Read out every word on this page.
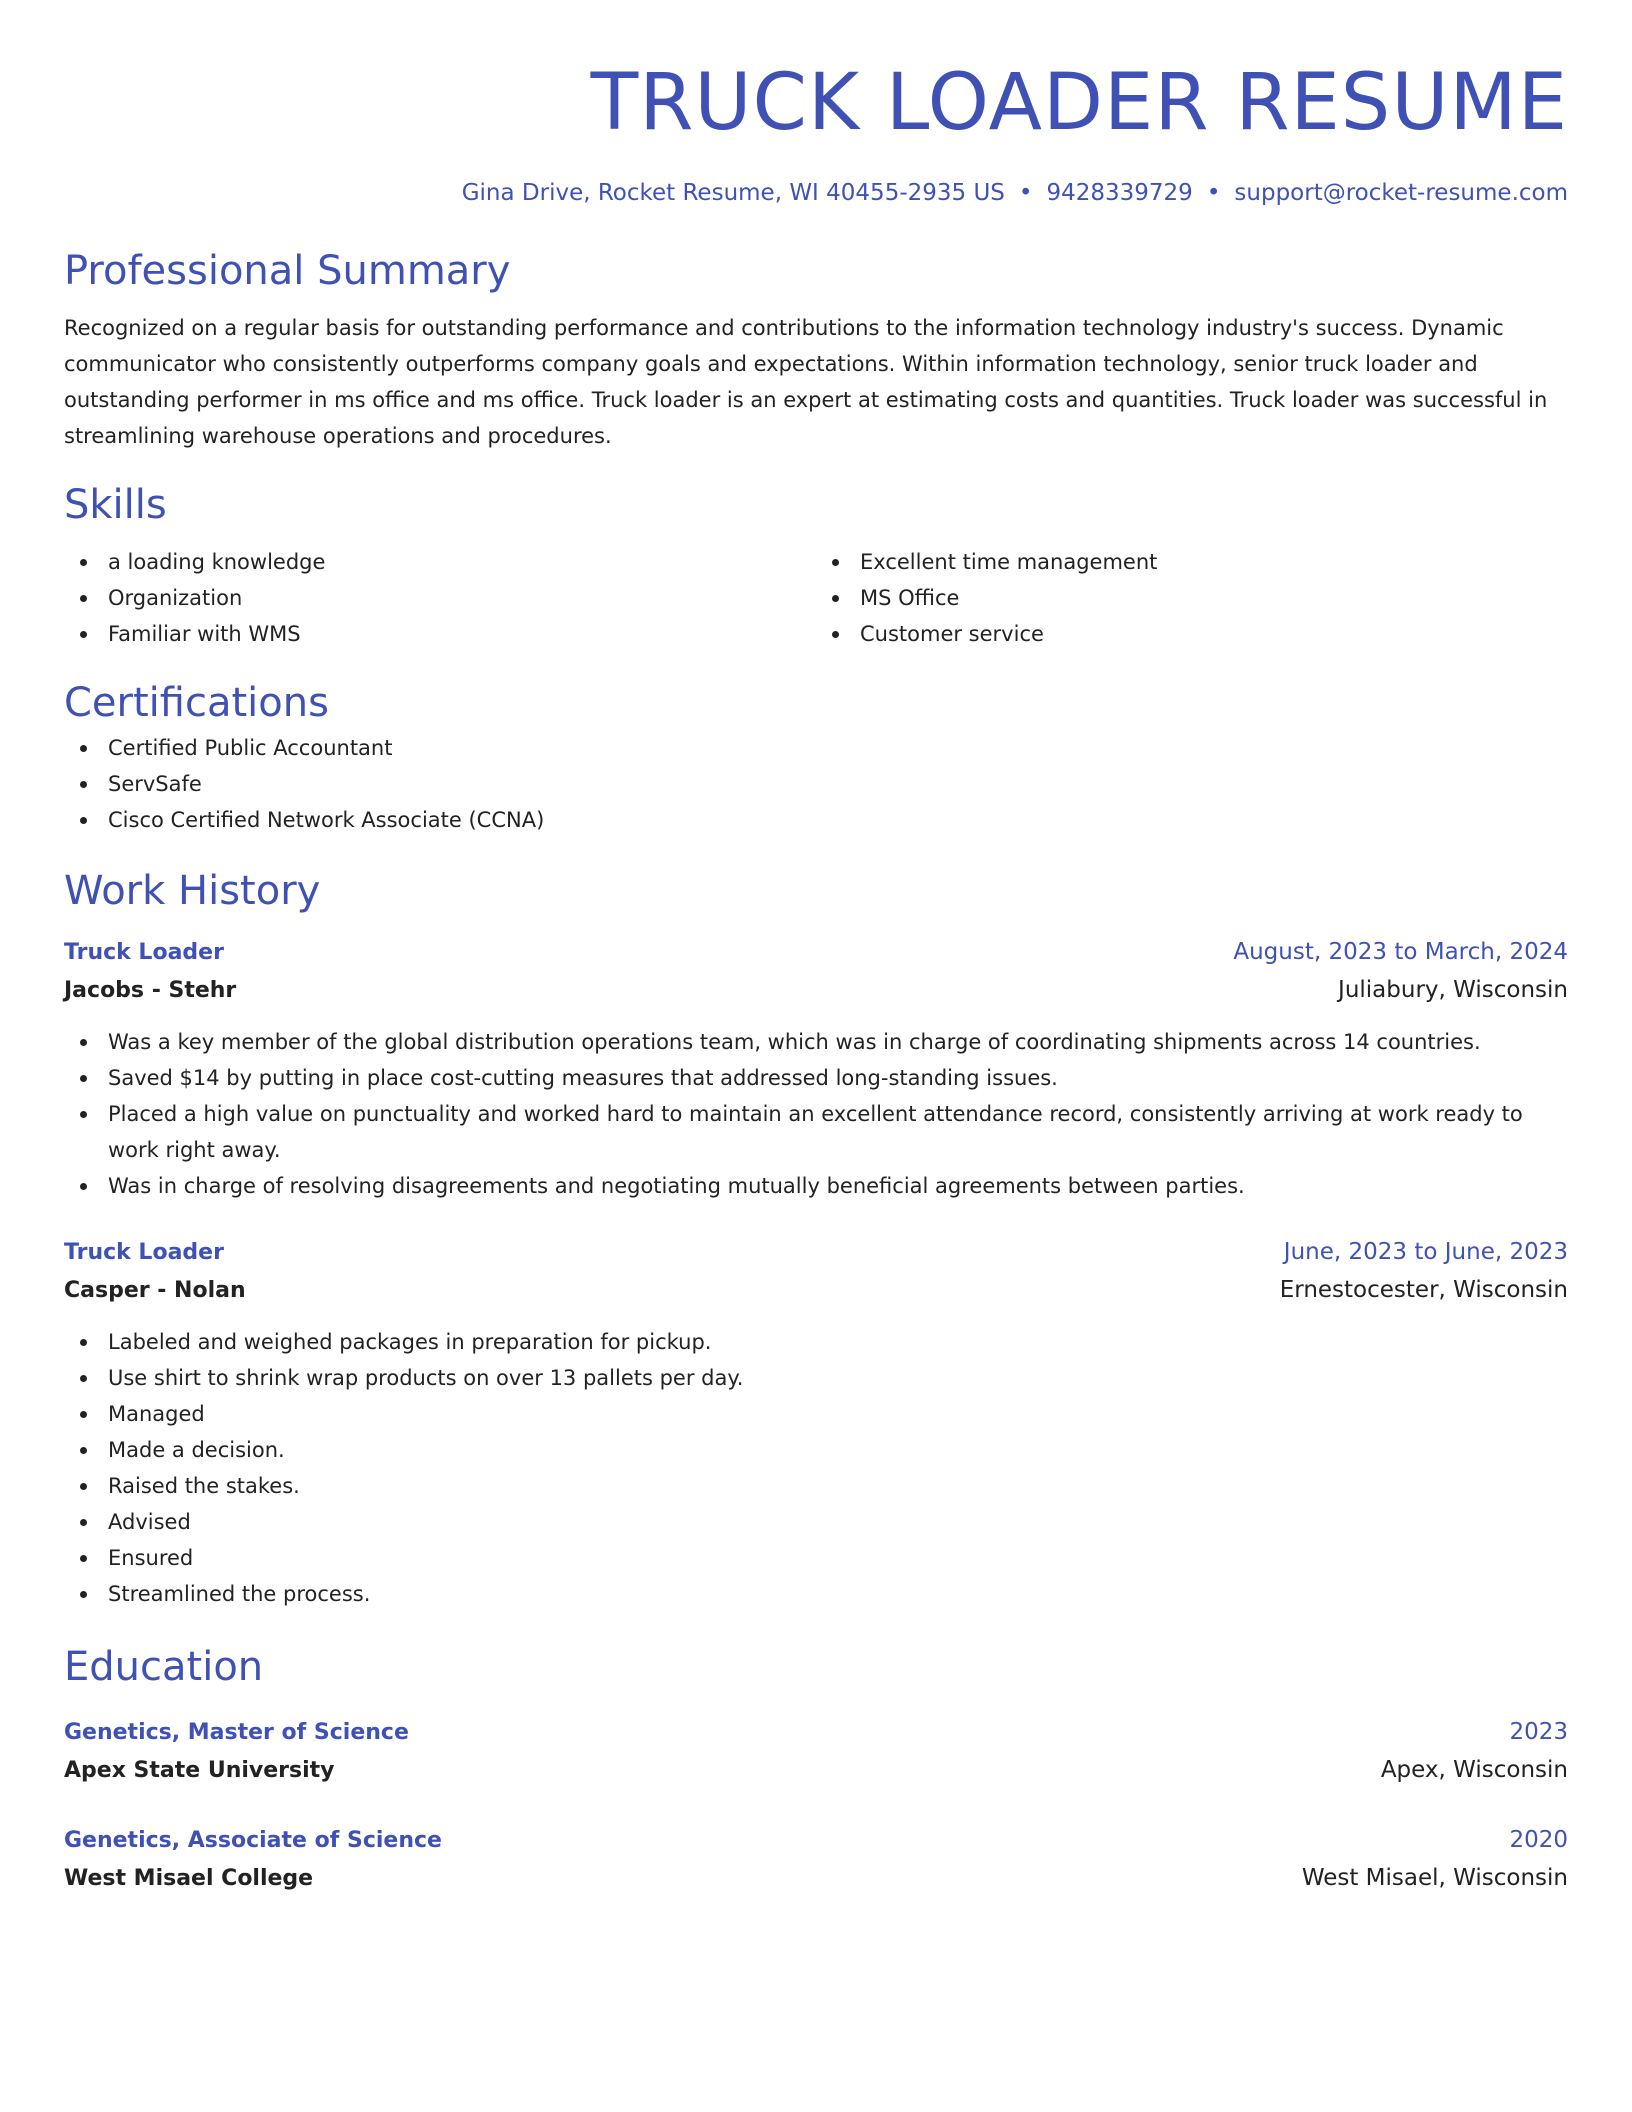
TRUCK LOADER RESUME
Gina Drive, Rocket Resume, WI 40455-2935 US • 9428339729 • support@rocket-resume.com
Professional Summary
Recognized on a regular basis for outstanding performance and contributions to the information technology industry's success. Dynamic communicator who consistently outperforms company goals and expectations. Within information technology, senior truck loader and outstanding performer in ms office and ms office. Truck loader is an expert at estimating costs and quantities. Truck loader was successful in streamlining warehouse operations and procedures.
Skills
a loading knowledge
Organization
Familiar with WMS
Excellent time management
MS Office
Customer service
Certifications
Certified Public Accountant
ServSafe
Cisco Certified Network Associate (CCNA)
Work History
Truck Loader	August, 2023 to March, 2024
Jacobs - Stehr	Juliabury, Wisconsin
Was a key member of the global distribution operations team, which was in charge of coordinating shipments across 14 countries.
Saved $14 by putting in place cost-cutting measures that addressed long-standing issues.
Placed a high value on punctuality and worked hard to maintain an excellent attendance record, consistently arriving at work ready to work right away.
Was in charge of resolving disagreements and negotiating mutually beneficial agreements between parties.
Truck Loader	June, 2023 to June, 2023
Casper - Nolan	Ernestocester, Wisconsin
Labeled and weighed packages in preparation for pickup.
Use shirt to shrink wrap products on over 13 pallets per day.
Managed
Made a decision.
Raised the stakes.
Advised
Ensured
Streamlined the process.
Education
Genetics, Master of Science	2023
Apex State University	Apex, Wisconsin
Genetics, Associate of Science	2020
West Misael College	West Misael, Wisconsin
